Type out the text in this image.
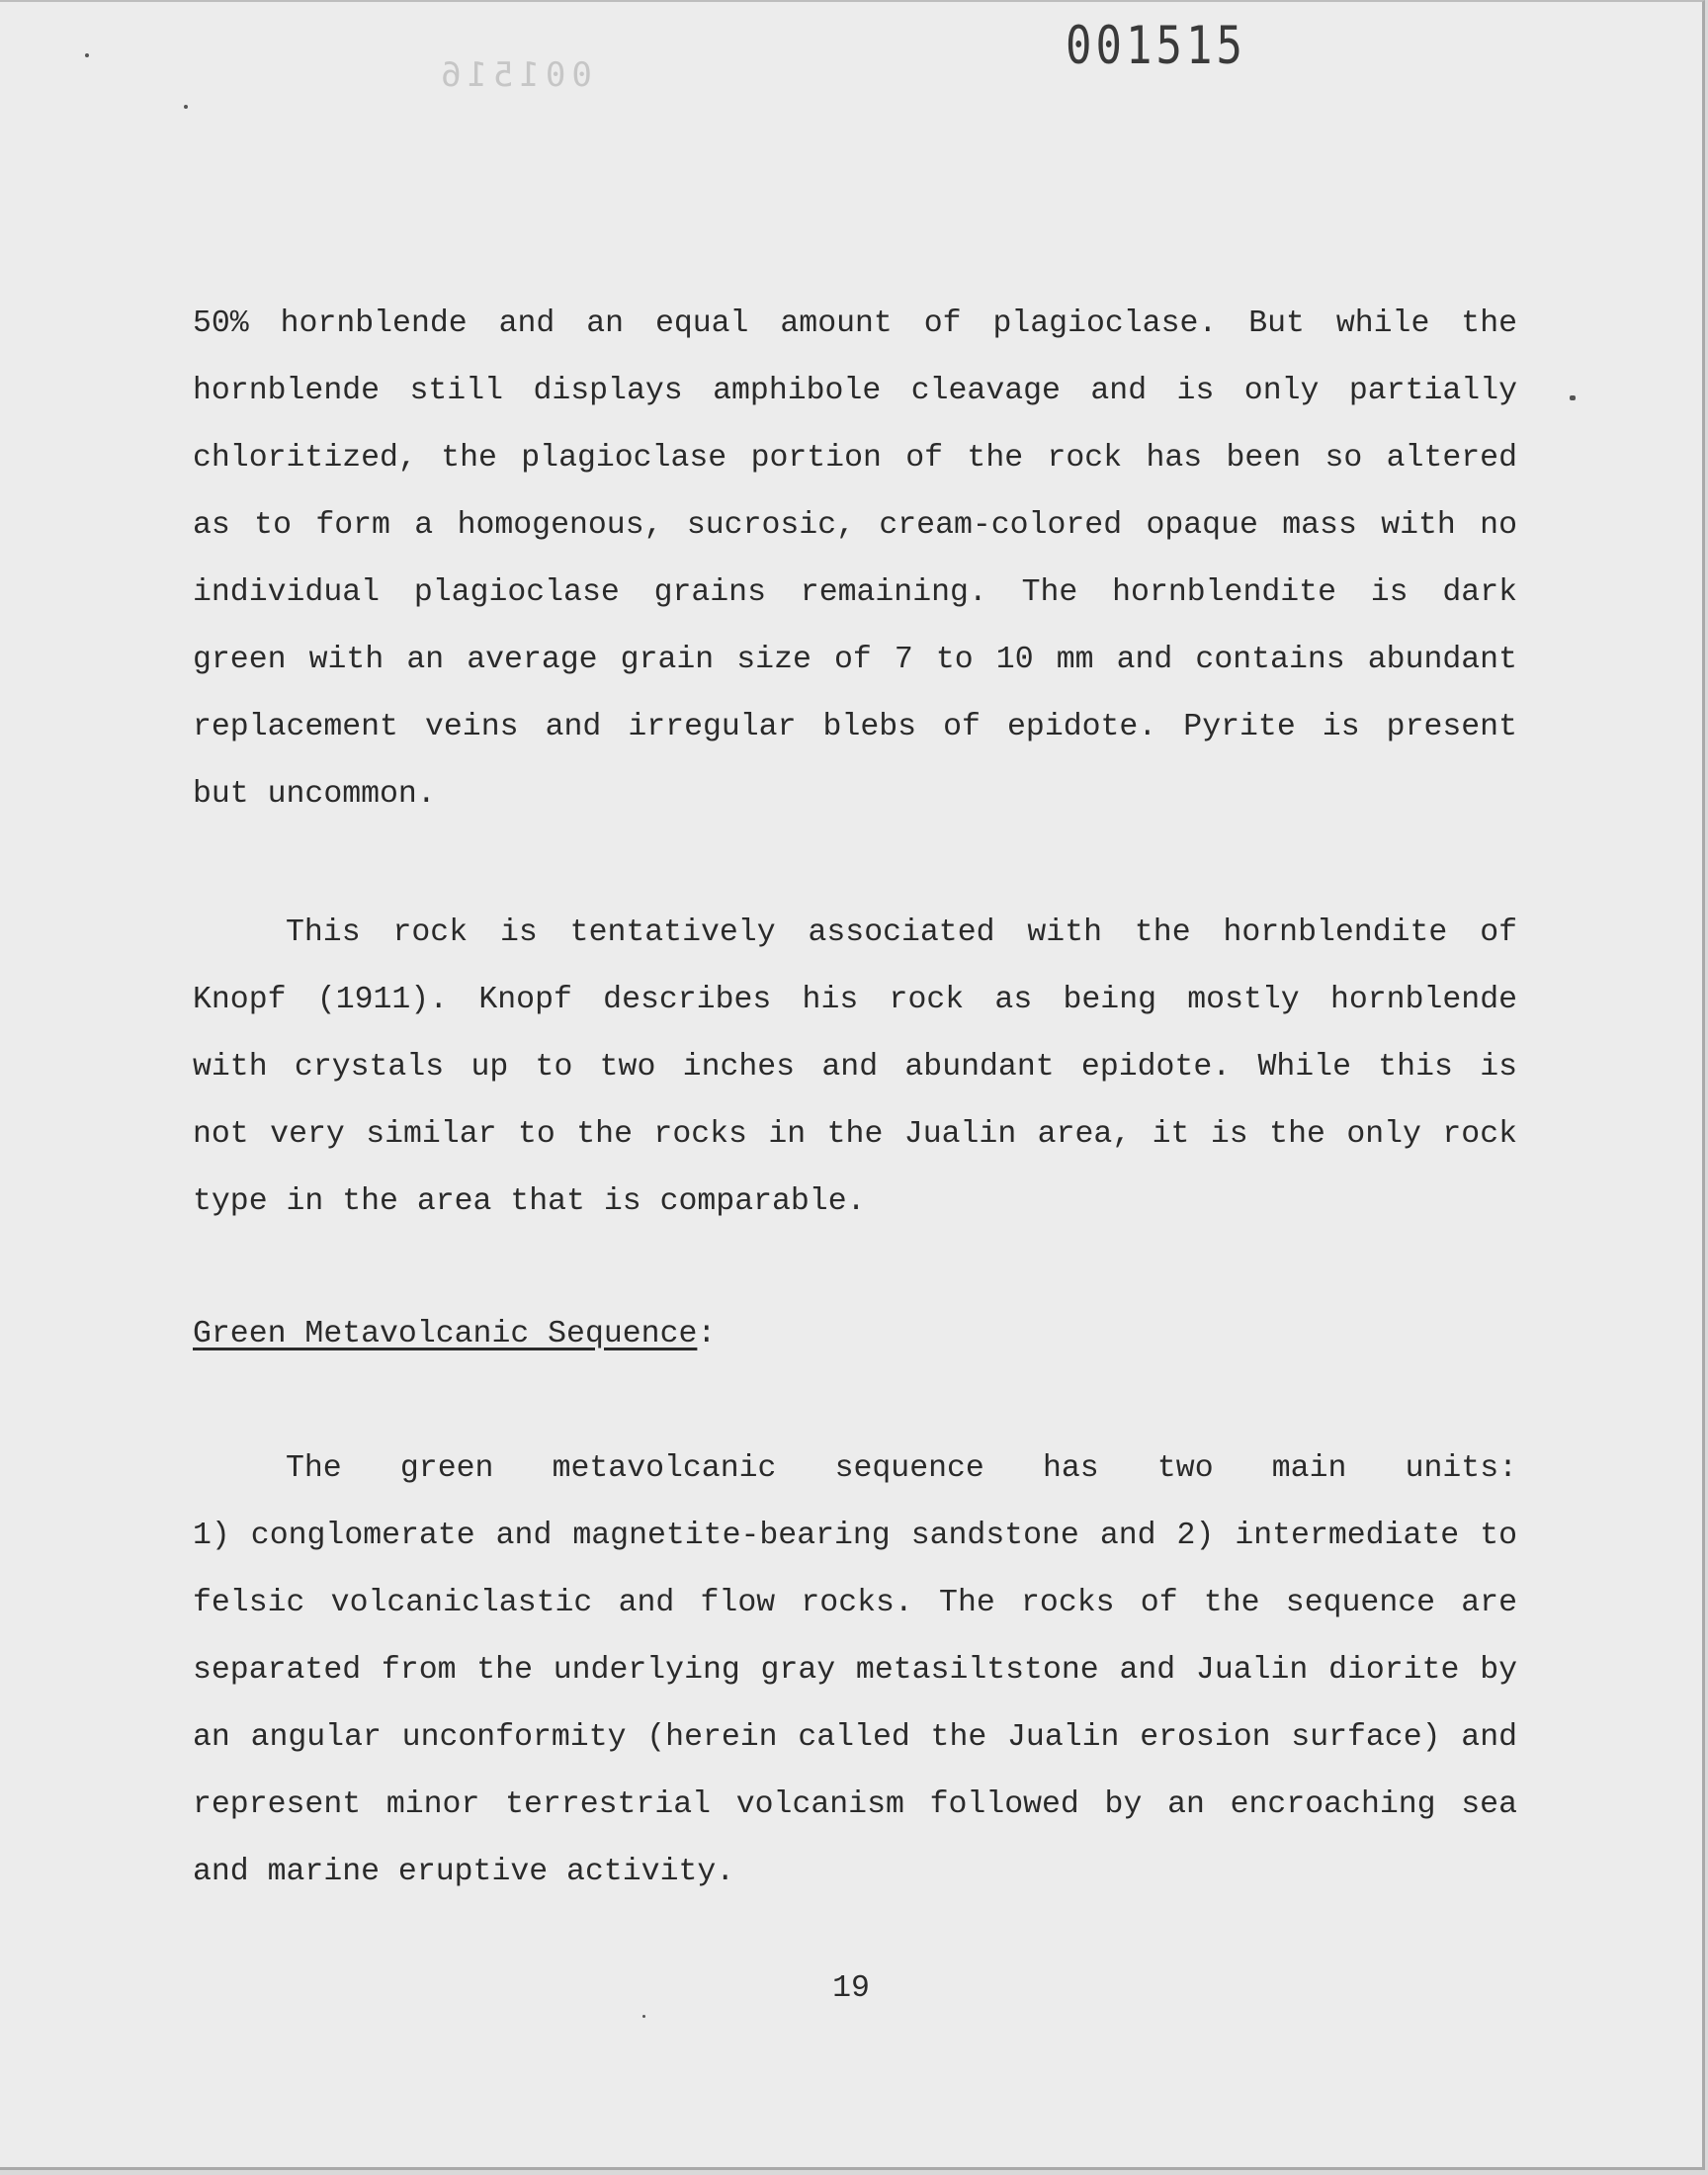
001516	001515
50% hornblende and an equal amount of plagioclase. But while the
hornblende still displays amphibole cleavage and is only partially
chloritized, the plagioclase portion of the rock has been so altered
as to form a homogenous, sucrosic, cream-colored opaque mass with no
individual plagioclase grains remaining. The hornblendite is dark
green with an average grain size of 7 to 10 mm and contains abundant
replacement veins and irregular blebs of epidote. Pyrite is present
but uncommon.
This rock is tentatively associated with the hornblendite of
Knopf (1911). Knopf describes his rock as being mostly hornblende
with crystals up to two inches and abundant epidote. While this is
not very similar to the rocks in the Jualin area, it is the only rock
type in the area that is comparable.
Green Metavolcanic Sequence:
The green metavolcanic sequence has two main units:
1) conglomerate and magnetite-bearing sandstone and 2) intermediate to
felsic volcaniclastic and flow rocks. The rocks of the sequence are
separated from the underlying gray metasiltstone and Jualin diorite by
an angular unconformity (herein called the Jualin erosion surface) and
represent minor terrestrial volcanism followed by an encroaching sea
and marine eruptive activity.
19
